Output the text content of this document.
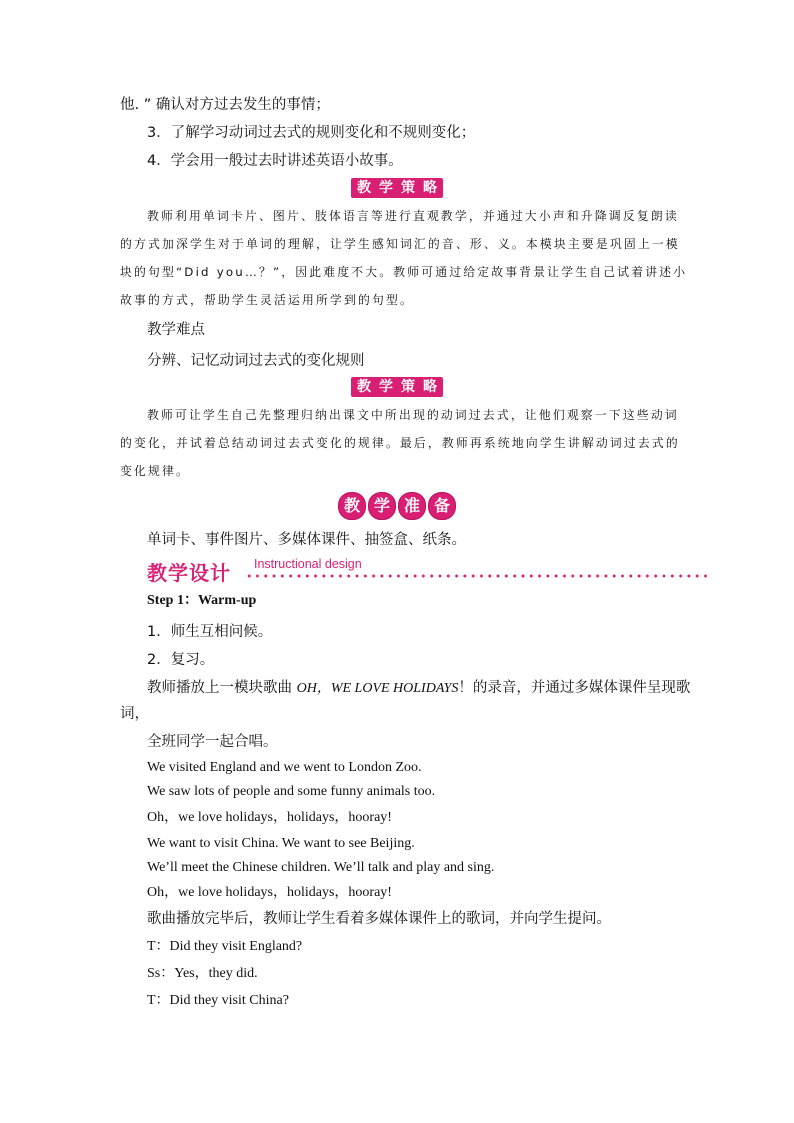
他. ” 确认对方过去发生的事情；
3．了解学习动词过去式的规则变化和不规则变化；
4．学会用一般过去时讲述英语小故事。
教 学 策 略
教师利用单词卡片、图片、肢体语言等进行直观教学，并通过大小声和升降调反复朗读
的方式加深学生对于单词的理解，让学生感知词汇的音、形、义。本模块主要是巩固上一模
块的句型“Did you…？”，因此难度不大。教师可通过给定故事背景让学生自己试着讲述小
故事的方式，帮助学生灵活运用所学到的句型。
教学难点
分辨、记忆动词过去式的变化规则
教 学 策 略
教师可让学生自己先整理归纳出课文中所出现的动词过去式，让他们观察一下这些动词
的变化，并试着总结动词过去式变化的规律。最后，教师再系统地向学生讲解动词过去式的
变化规律。
教 学 准 备
单词卡、事件图片、多媒体课件、抽签盒、纸条。
教学设计 Instructional design
Step 1：Warm-up
1．师生互相问候。
2．复习。
教师播放上一模块歌曲 OH，WE LOVE HOLIDAYS！的录音，并通过多媒体课件呈现歌
词，
全班同学一起合唱。
We visited England and we went to London Zoo.
We saw lots of people and some funny animals too.
Oh，we love holidays，holidays，hooray!
We want to visit China. We want to see Beijing.
We’ll meet the Chinese children. We’ll talk and play and sing.
Oh，we love holidays，holidays，hooray!
歌曲播放完毕后，教师让学生看着多媒体课件上的歌词，并向学生提问。
T：Did they visit England?
Ss：Yes，they did.
T：Did they visit China?
